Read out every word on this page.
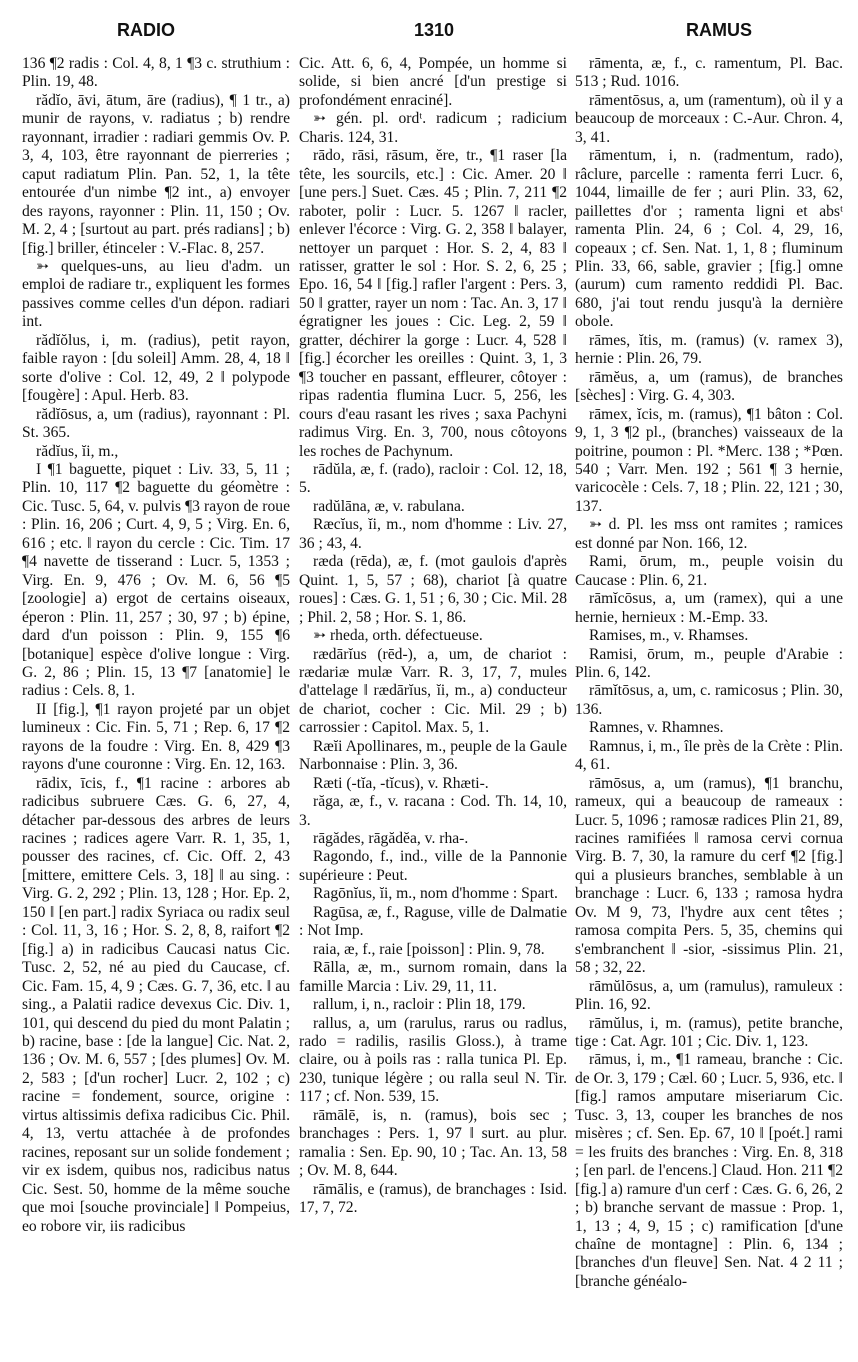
RADIO	1310	RAMUS

136 ¶2 radis : Col. 4, 8, 1 ¶3 c. struthium : Plin. 19, 48.

rădĭo, āvi, ātum, āre (radius), ¶ 1 tr., a) munir de rayons, v. radiatus ; b) rendre rayonnant, irradier : radiari gemmis Ov. P. 3, 4, 103, être rayonnant de pierreries ; caput radiatum Plin. Pan. 52, 1, la tête entourée d'un nimbe ¶2 int., a) envoyer des rayons, rayonner : Plin. 11, 150 ; Ov. M. 2, 4 ; [surtout au part. prés radians] ; b) [fig.] briller, étinceler : V.-Flac. 8, 257.

➳ quelques-uns, au lieu d'adm. un emploi de radiare tr., expliquent les formes passives comme celles d'un dépon. radiari int.

rădĭŏlus, i, m. (radius), petit rayon, faible rayon : [du soleil] Amm. 28, 4, 18 ‖ sorte d'olive : Col. 12, 49, 2 ‖ polypode [fougère] : Apul. Herb. 83.

rădĭōsus, a, um (radius), rayonnant : Pl. St. 365.

rădĭus, ĭi, m.,

I ¶1 baguette, piquet : Liv. 33, 5, 11 ; Plin. 10, 117 ¶2 baguette du géomètre : Cic. Tusc. 5, 64, v. pulvis ¶3 rayon de roue : Plin. 16, 206 ; Curt. 4, 9, 5 ; Virg. En. 6, 616 ; etc. ‖ rayon du cercle : Cic. Tim. 17 ¶4 navette de tisserand : Lucr. 5, 1353 ; Virg. En. 9, 476 ; Ov. M. 6, 56 ¶5 [zoologie] a) ergot de certains oiseaux, éperon : Plin. 11, 257 ; 30, 97 ; b) épine, dard d'un poisson : Plin. 9, 155 ¶6 [botanique] espèce d'olive longue : Virg. G. 2, 86 ; Plin. 15, 13 ¶7 [anatomie] le radius : Cels. 8, 1.

II [fig.], ¶1 rayon projeté par un objet lumineux : Cic. Fin. 5, 71 ; Rep. 6, 17 ¶2 rayons de la foudre : Virg. En. 8, 429 ¶3 rayons d'une couronne : Virg. En. 12, 163.

rādix, īcis, f., ¶1 racine : arbores ab radicibus subruere Cæs. G. 6, 27, 4, détacher par-dessous des arbres de leurs racines ; radices agere Varr. R. 1, 35, 1, pousser des racines, cf. Cic. Off. 2, 43 [mittere, emittere Cels. 3, 18] ‖ au sing. : Virg. G. 2, 292 ; Plin. 13, 128 ; Hor. Ep. 2, 150 ‖ [en part.] radix Syriaca ou radix seul : Col. 11, 3, 16 ; Hor. S. 2, 8, 8, raifort ¶2 [fig.] a) in radicibus Caucasi natus Cic. Tusc. 2, 52, né au pied du Caucase, cf. Cic. Fam. 15, 4, 9 ; Cæs. G. 7, 36, etc. ‖ au sing., a Palatii radice devexus Cic. Div. 1, 101, qui descend du pied du mont Palatin ; b) racine, base : [de la langue] Cic. Nat. 2, 136 ; Ov. M. 6, 557 ; [des plumes] Ov. M. 2, 583 ; [d'un rocher] Lucr. 2, 102 ; c) racine = fondement, source, origine : virtus altissimis defixa radicibus Cic. Phil. 4, 13, vertu attachée à de profondes racines, reposant sur un solide fondement ; vir ex isdem, quibus nos, radicibus natus Cic. Sest. 50, homme de la même souche que moi [souche provinciale] ‖ Pompeius, eo robore vir, iis radicibus

Cic. Att. 6, 6, 4, Pompée, un homme si solide, si bien ancré [d'un prestige si profondément enraciné].

➳ gén. pl. ordᵗ. radicum ; radicium Charis. 124, 31.

rādo, rāsi, rāsum, ĕre, tr., ¶1 raser [la tête, les sourcils, etc.] : Cic. Amer. 20 ‖ [une pers.] Suet. Cæs. 45 ; Plin. 7, 211 ¶2 raboter, polir : Lucr. 5. 1267 ‖ racler, enlever l'écorce : Virg. G. 2, 358 ‖ balayer, nettoyer un parquet : Hor. S. 2, 4, 83 ‖ ratisser, gratter le sol : Hor. S. 2, 6, 25 ; Epo. 16, 54 ‖ [fig.] rafler l'argent : Pers. 3, 50 ‖ gratter, rayer un nom : Tac. An. 3, 17 ‖ égratigner les joues : Cic. Leg. 2, 59 ‖ gratter, déchirer la gorge : Lucr. 4, 528 ‖ [fig.] écorcher les oreilles : Quint. 3, 1, 3 ¶3 toucher en passant, effleurer, côtoyer : ripas radentia flumina Lucr. 5, 256, les cours d'eau rasant les rives ; saxa Pachyni radimus Virg. En. 3, 700, nous côtoyons les roches de Pachynum.

rādŭla, æ, f. (rado), racloir : Col. 12, 18, 5.

radŭlāna, æ, v. rabulana.

Ræcĭus, ĭi, m., nom d'homme : Liv. 27, 36 ; 43, 4.

ræda (rēda), æ, f. (mot gaulois d'après Quint. 1, 5, 57 ; 68), chariot [à quatre roues] : Cæs. G. 1, 51 ; 6, 30 ; Cic. Mil. 28 ; Phil. 2, 58 ; Hor. S. 1, 86.

➳ rheda, orth. défectueuse.

rædārĭus (rēd-), a, um, de chariot : rædariæ mulæ Varr. R. 3, 17, 7, mules d'attelage ‖ rædārĭus, ĭi, m., a) conducteur de chariot, cocher : Cic. Mil. 29 ; b) carrossier : Capitol. Max. 5, 1.

Ræĭi Apollinares, m., peuple de la Gaule Narbonnaise : Plin. 3, 36.

Ræti (-tĭa, -tĭcus), v. Rhæti-.

răga, æ, f., v. racana : Cod. Th. 14, 10, 3.

rāgădes, rāgădĕa, v. rha-.

Ragondo, f., ind., ville de la Pannonie supérieure : Peut.

Ragōnĭus, ĭi, m., nom d'homme : Spart.

Ragūsa, æ, f., Raguse, ville de Dalmatie : Not Imp.

raia, æ, f., raie [poisson] : Plin. 9, 78.

Rālla, æ, m., surnom romain, dans la famille Marcia : Liv. 29, 11, 11.

rallum, i, n., racloir : Plin 18, 179.

rallus, a, um (rarulus, rarus ou radlus, rado = radilis, rasilis Gloss.), à trame claire, ou à poils ras : ralla tunica Pl. Ep. 230, tunique légère ; ou ralla seul N. Tir. 117 ; cf. Non. 539, 15.

rāmālē, is, n. (ramus), bois sec ; branchages : Pers. 1, 97 ‖ surt. au plur. ramalia : Sen. Ep. 90, 10 ; Tac. An. 13, 58 ; Ov. M. 8, 644.

rāmālis, e (ramus), de branchages : Isid. 17, 7, 72.

rāmenta, æ, f., c. ramentum, Pl. Bac. 513 ; Rud. 1016.

rāmentōsus, a, um (ramentum), où il y a beaucoup de morceaux : C.-Aur. Chron. 4, 3, 41.

rāmentum, i, n. (radmentum, rado), râclure, parcelle : ramenta ferri Lucr. 6, 1044, limaille de fer ; auri Plin. 33, 62, paillettes d'or ; ramenta ligni et absᵗ ramenta Plin. 24, 6 ; Col. 4, 29, 16, copeaux ; cf. Sen. Nat. 1, 1, 8 ; fluminum Plin. 33, 66, sable, gravier ; [fig.] omne (aurum) cum ramento reddidi Pl. Bac. 680, j'ai tout rendu jusqu'à la dernière obole.

rāmes, ĭtis, m. (ramus) (v. ramex 3), hernie : Plin. 26, 79.

rāmĕus, a, um (ramus), de branches [sèches] : Virg. G. 4, 303.

rāmex, ĭcis, m. (ramus), ¶1 bâton : Col. 9, 1, 3 ¶2 pl., (branches) vaisseaux de la poitrine, poumon : Pl. *Merc. 138 ; *Pœn. 540 ; Varr. Men. 192 ; 561 ¶ 3 hernie, varicocèle : Cels. 7, 18 ; Plin. 22, 121 ; 30, 137.

➳ d. Pl. les mss ont ramites ; ramices est donné par Non. 166, 12.

Rami, ōrum, m., peuple voisin du Caucase : Plin. 6, 21.

rāmĭcōsus, a, um (ramex), qui a une hernie, hernieux : M.-Emp. 33.

Ramises, m., v. Rhamses.

Ramisi, ōrum, m., peuple d'Arabie : Plin. 6, 142.

rāmĭtōsus, a, um, c. ramicosus ; Plin. 30, 136.

Ramnes, v. Rhamnes.

Ramnus, i, m., île près de la Crète : Plin. 4, 61.

rāmōsus, a, um (ramus), ¶1 branchu, rameux, qui a beaucoup de rameaux : Lucr. 5, 1096 ; ramosæ radices Plin 21, 89, racines ramifiées ‖ ramosa cervi cornua Virg. B. 7, 30, la ramure du cerf ¶2 [fig.] qui a plusieurs branches, semblable à un branchage : Lucr. 6, 133 ; ramosa hydra Ov. M 9, 73, l'hydre aux cent têtes ; ramosa compita Pers. 5, 35, chemins qui s'embranchent ‖ -sior, -sissimus Plin. 21, 58 ; 32, 22.

rāmŭlōsus, a, um (ramulus), ramuleux : Plin. 16, 92.

rāmŭlus, i, m. (ramus), petite branche, tige : Cat. Agr. 101 ; Cic. Div. 1, 123.

rāmus, i, m., ¶1 rameau, branche : Cic. de Or. 3, 179 ; Cæl. 60 ; Lucr. 5, 936, etc. ‖ [fig.] ramos amputare miseriarum Cic. Tusc. 3, 13, couper les branches de nos misères ; cf. Sen. Ep. 67, 10 ‖ [poét.] rami = les fruits des branches : Virg. En. 8, 318 ; [en parl. de l'encens.] Claud. Hon. 211 ¶2 [fig.] a) ramure d'un cerf : Cæs. G. 6, 26, 2 ; b) branche servant de massue : Prop. 1, 1, 13 ; 4, 9, 15 ; c) ramification [d'une chaîne de montagne] : Plin. 6, 134 ; [branches d'un fleuve] Sen. Nat. 4 2 11 ; [branche généalo-
